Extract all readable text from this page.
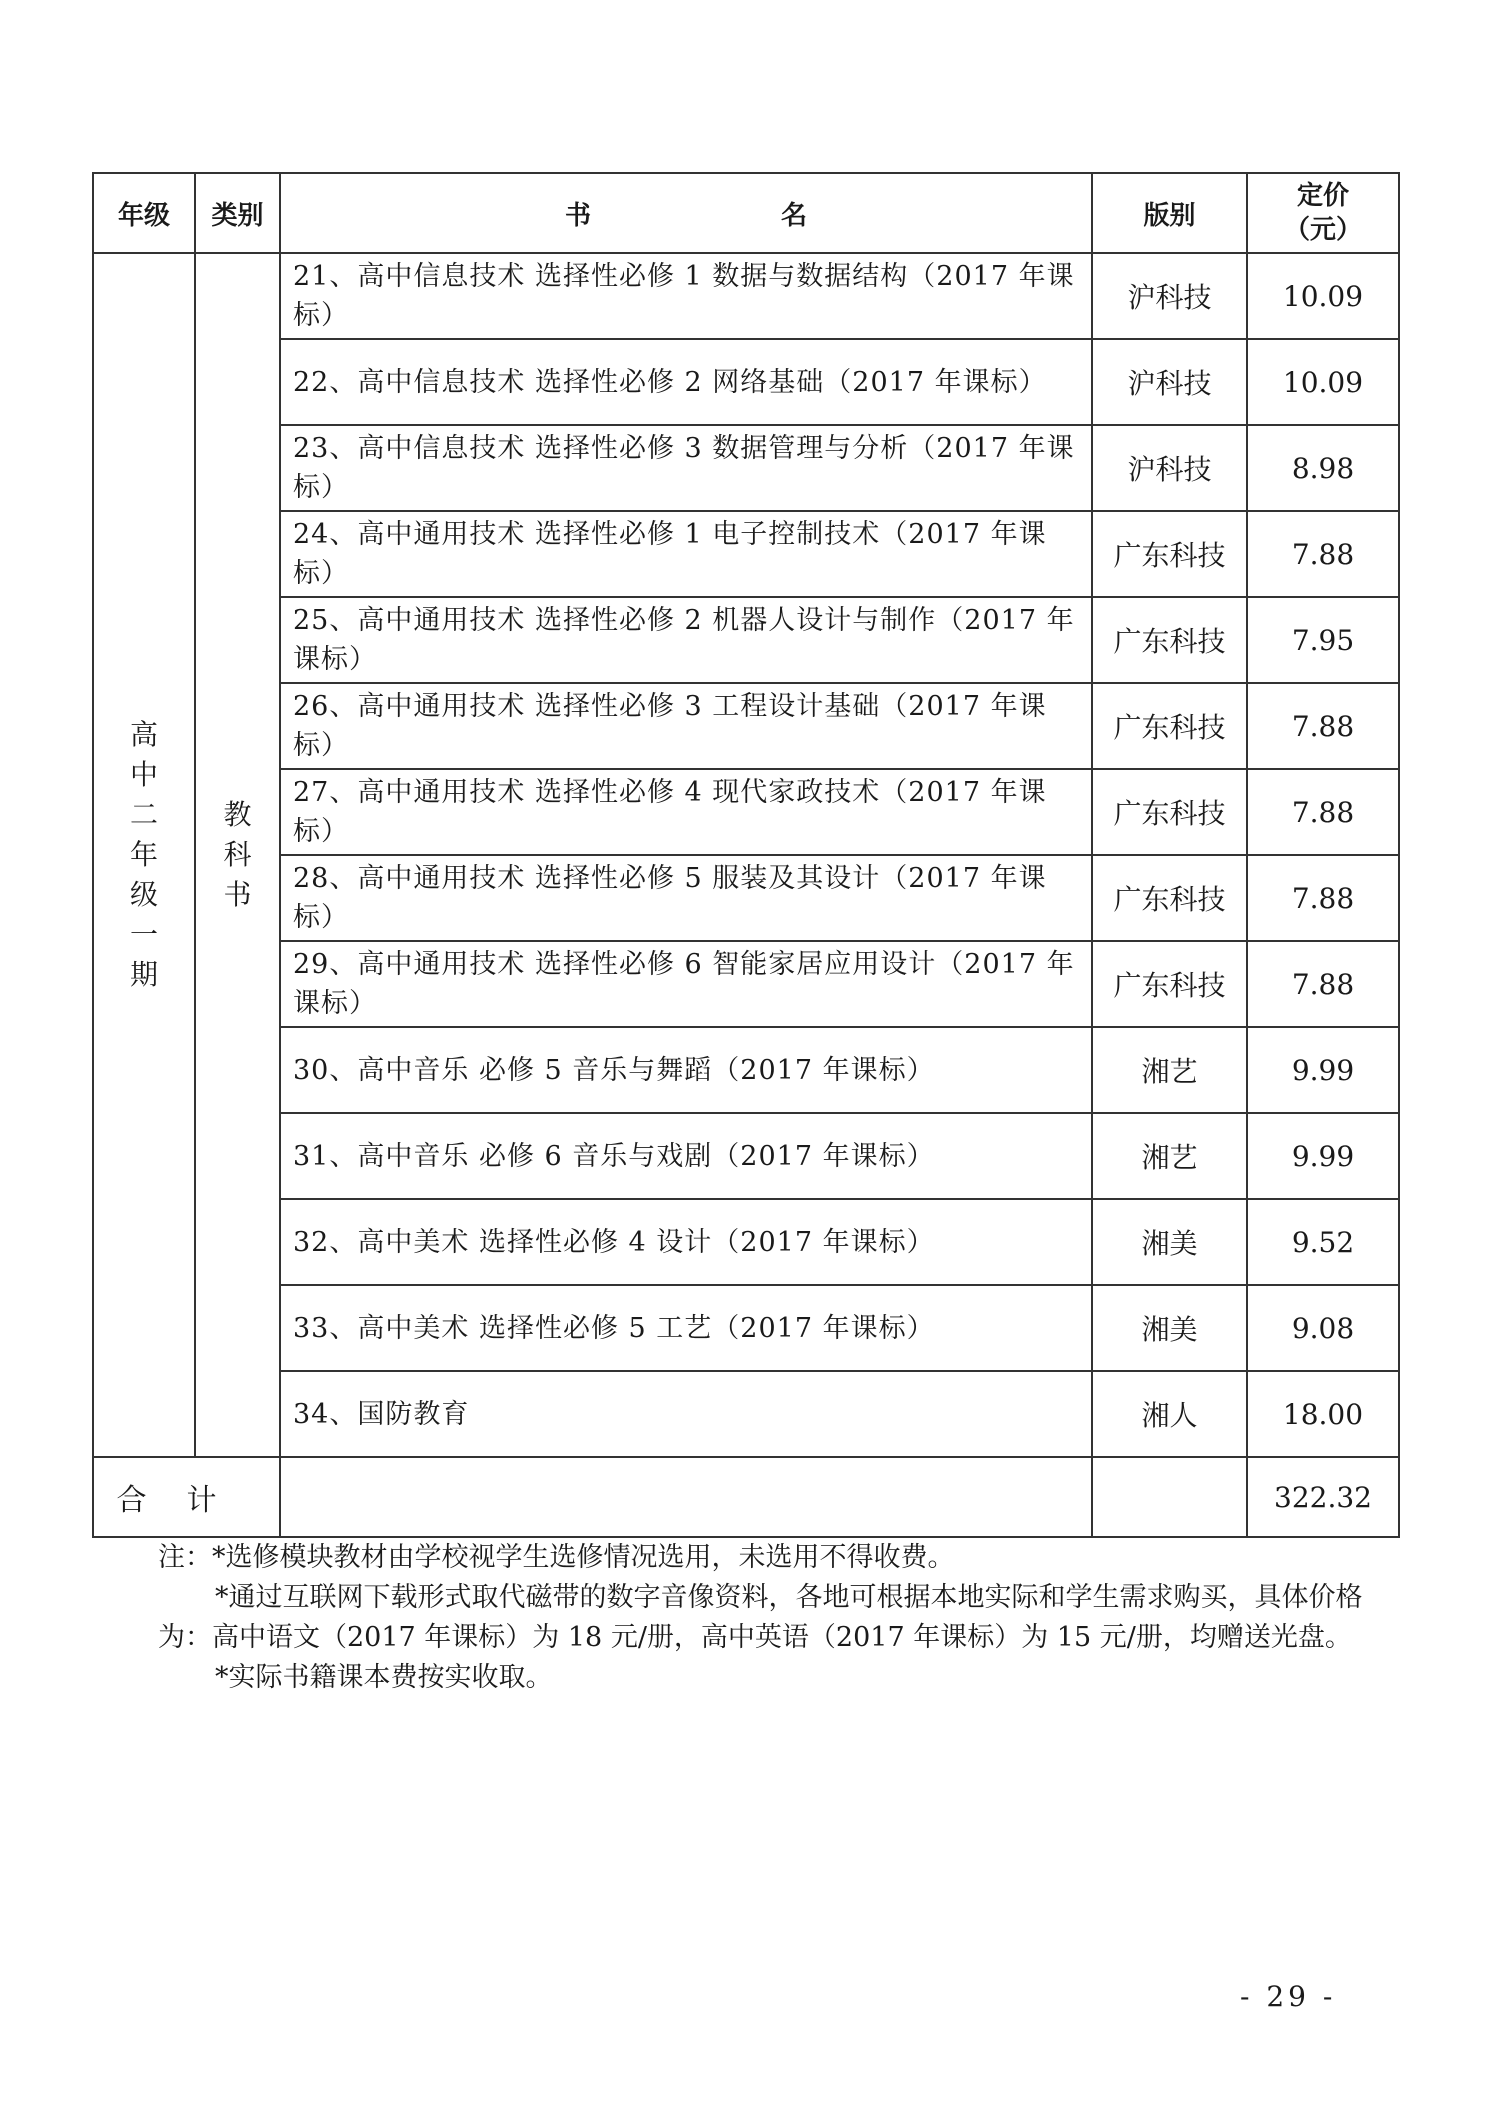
年级	类别	书名	版别	定价（元）
高中二年级一期	教科书	21、高中信息技术 选择性必修 1 数据与数据结构（2017 年课标）	沪科技	10.09
		22、高中信息技术 选择性必修 2 网络基础（2017 年课标）	沪科技	10.09
		23、高中信息技术 选择性必修 3 数据管理与分析（2017 年课标）	沪科技	8.98
		24、高中通用技术 选择性必修 1 电子控制技术（2017 年课标）	广东科技	7.88
		25、高中通用技术 选择性必修 2 机器人设计与制作（2017 年课标）	广东科技	7.95
		26、高中通用技术 选择性必修 3 工程设计基础（2017 年课标）	广东科技	7.88
		27、高中通用技术 选择性必修 4 现代家政技术（2017 年课标）	广东科技	7.88
		28、高中通用技术 选择性必修 5 服装及其设计（2017 年课标）	广东科技	7.88
		29、高中通用技术 选择性必修 6 智能家居应用设计（2017 年课标）	广东科技	7.88
		30、高中音乐 必修 5 音乐与舞蹈（2017 年课标）	湘艺	9.99
		31、高中音乐 必修 6 音乐与戏剧（2017 年课标）	湘艺	9.99
		32、高中美术 选择性必修 4 设计（2017 年课标）	湘美	9.52
		33、高中美术 选择性必修 5 工艺（2017 年课标）	湘美	9.08
		34、国防教育	湘人	18.00
合计				322.32

注：*选修模块教材由学校视学生选修情况选用，未选用不得收费。

*通过互联网下载形式取代磁带的数字音像资料，各地可根据本地实际和学生需求购买，具体价格为：高中语文（2017 年课标）为 18 元/册，高中英语（2017 年课标）为 15 元/册，均赠送光盘。

*实际书籍课本费按实收取。

- 29 -
